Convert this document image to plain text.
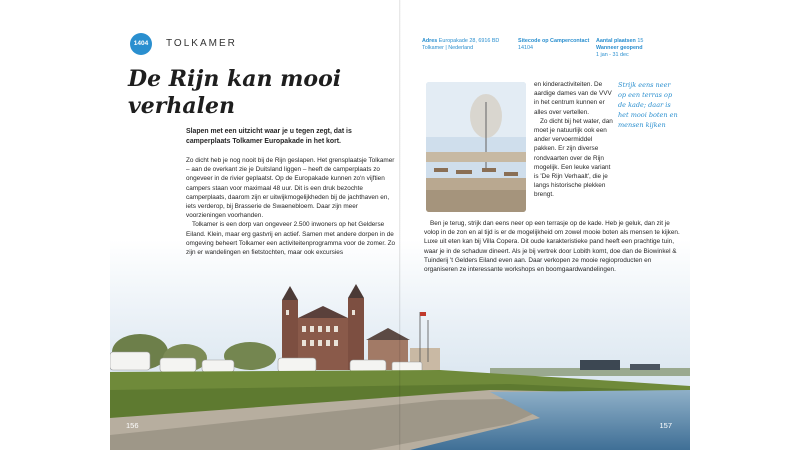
1404	TOLKAMER
De Rijn kan mooi
verhalen

Slapen met een uitzicht waar je u tegen zegt, dat is camperplaats Tolkamer Europakade in het kort.

Zo dicht heb je nog nooit bij de Rijn geslapen. Het grensplaatsje Tolkamer – aan de overkant zie je Duitsland liggen – heeft de camperplaats zo ongeveer in de rivier geplaatst. Op de Europakade kunnen zo'n vijftien campers staan voor maximaal 48 uur. Dit is een druk bezochte camperplaats, daarom zijn er uitwijkmogelijkheden bij de jachthaven en, iets verderop, bij Brasserie de Swaenebloem. Daar zijn meer voorzieningen voorhanden.

Tolkamer is een dorp van ongeveer 2.500 inwoners op het Gelderse Eiland. Klein, maar erg gastvrij en actief. Samen met andere dorpen in de omgeving beheert Tolkamer een activiteitenprogramma voor de zomer. Zo zijn er wandelingen en fietstochten, maar ook excursies

156
Adres Europakade 28, 6916 BD Tolkamer | Nederland
Sitecode op Campercontact
14104
Aantal plaatsen 15
Wanneer geopend
1 jan - 31 dec

en kinderactiviteiten. De aardige dames van de VVV in het centrum kunnen er alles over vertellen.

Zo dicht bij het water, dan moet je natuurlijk ook een ander vervoermiddel pakken. Er zijn diverse rondvaarten over de Rijn mogelijk. Een leuke variant is 'De Rijn Verhaalt', die je langs historische plekken brengt.

Strijk eens neer op een terras op de kade; daar is het mooi boten en mensen kijken

Ben je terug, strijk dan eens neer op een terrasje op de kade. Heb je geluk, dan zit je volop in de zon en al tijd is er de mogelijkheid om zowel mooie boten als mensen te kijken. Luxe uit eten kan bij Villa Copera. Dit oude karakteristieke pand heeft een prachtige tuin, waar je in de schaduw dineert. Als je bij vertrek door Lobith komt, doe dan de Biowinkel & Tuinderij 't Gelders Eiland even aan. Daar verkopen ze mooie regioproducten en organiseren ze interessante workshops en boomgaardwandelingen.

157
